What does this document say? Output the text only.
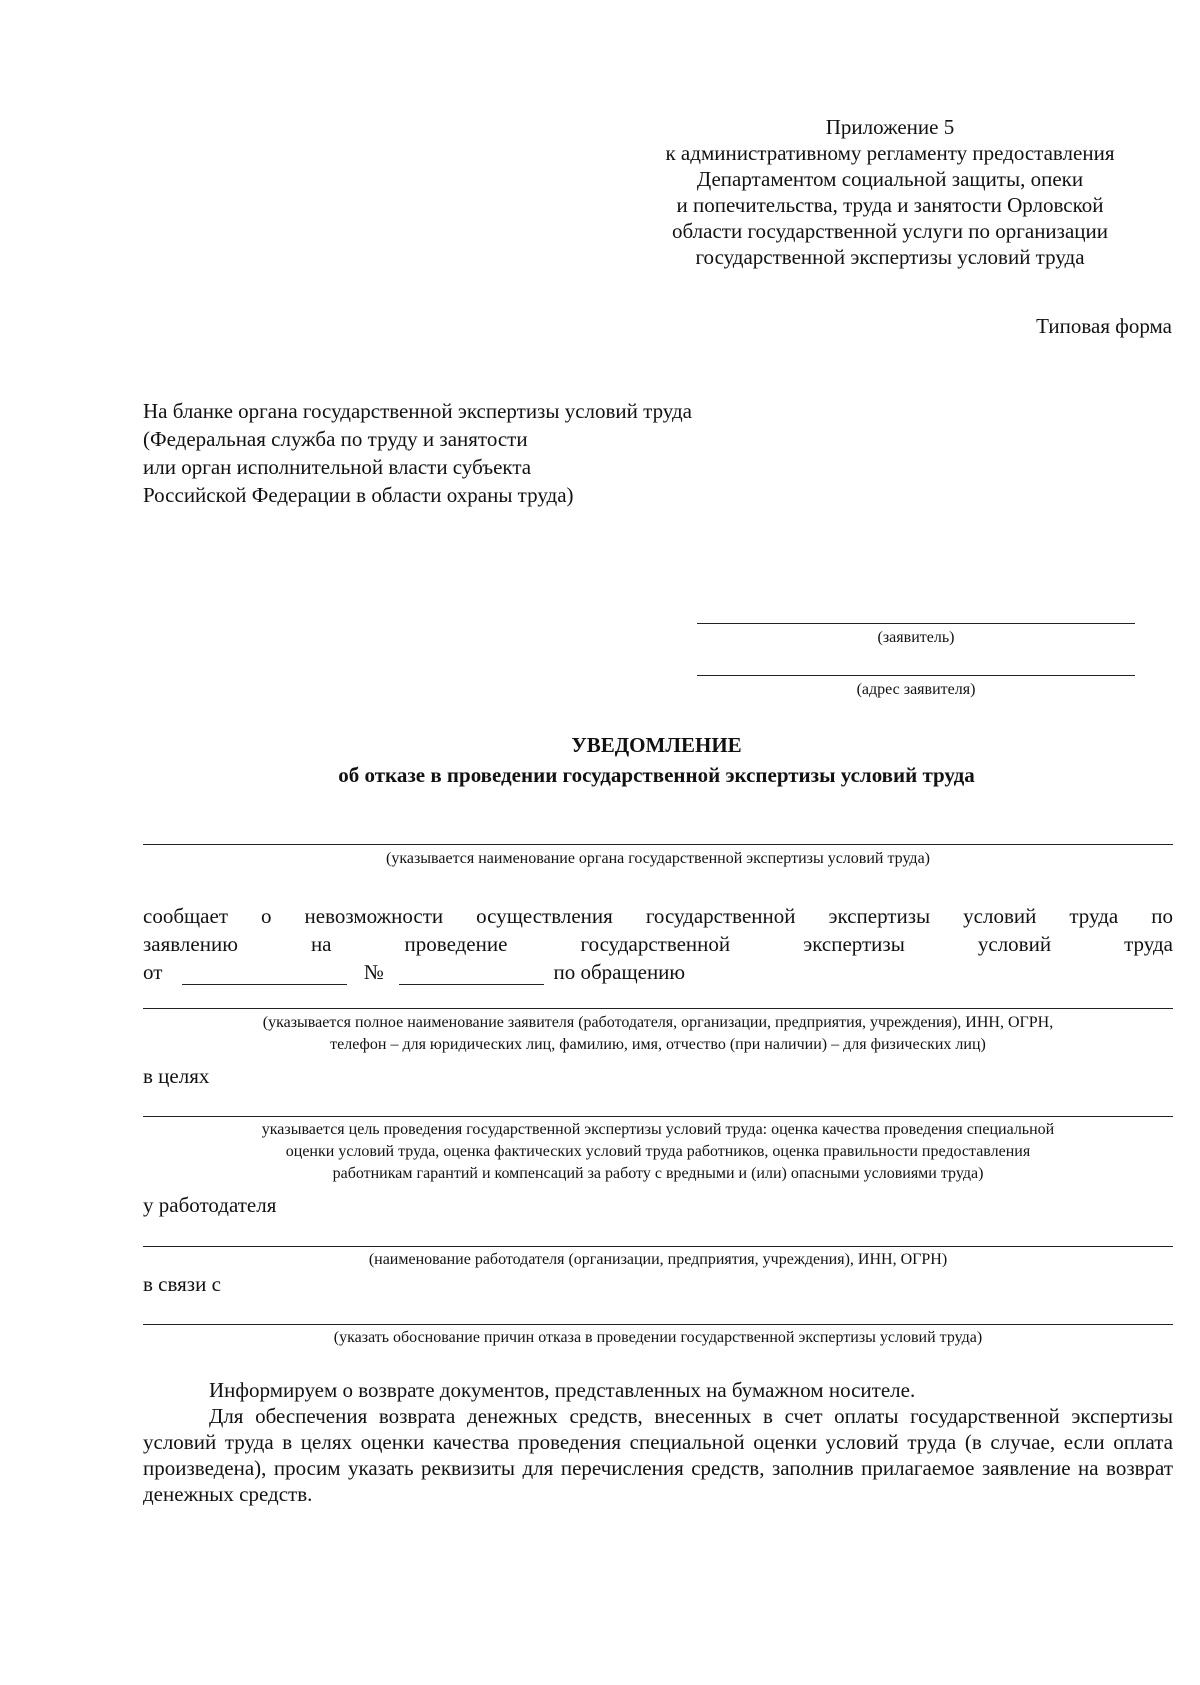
Приложение 5
к административному регламенту предоставления
Департаментом социальной защиты, опеки
и попечительства, труда и занятости Орловской
области государственной услуги по организации
государственной экспертизы условий труда
Типовая форма
На бланке органа государственной экспертизы условий труда
(Федеральная служба по труду и занятости
или орган исполнительной власти субъекта
Российской Федерации в области охраны труда)
(заявитель)
(адрес заявителя)
УВЕДОМЛЕНИЕ
об отказе в проведении государственной экспертизы условий труда
(указывается наименование органа государственной экспертизы условий труда)
сообщает о невозможности осуществления государственной экспертизы условий труда по
заявлению	на	проведение	государственной	экспертизы	условий	труда
от	№	по обращению
(указывается полное наименование заявителя (работодателя, организации, предприятия, учреждения), ИНН, ОГРН,
телефон – для юридических лиц, фамилию, имя, отчество (при наличии) – для физических лиц)
в целях
указывается цель проведения государственной экспертизы условий труда: оценка качества проведения специальной
оценки условий труда, оценка фактических условий труда работников, оценка правильности предоставления
работникам гарантий и компенсаций за работу с вредными и (или) опасными условиями труда)
у работодателя
(наименование работодателя (организации, предприятия, учреждения), ИНН, ОГРН)
в связи с
(указать обоснование причин отказа в проведении государственной экспертизы условий труда)
Информируем о возврате документов, представленных на бумажном носителе.
Для обеспечения возврата денежных средств, внесенных в счет оплаты государственной экспертизы условий труда в целях оценки качества проведения специальной оценки условий труда (в случае, если оплата произведена), просим указать реквизиты для перечисления средств, заполнив прилагаемое заявление на возврат денежных средств.
